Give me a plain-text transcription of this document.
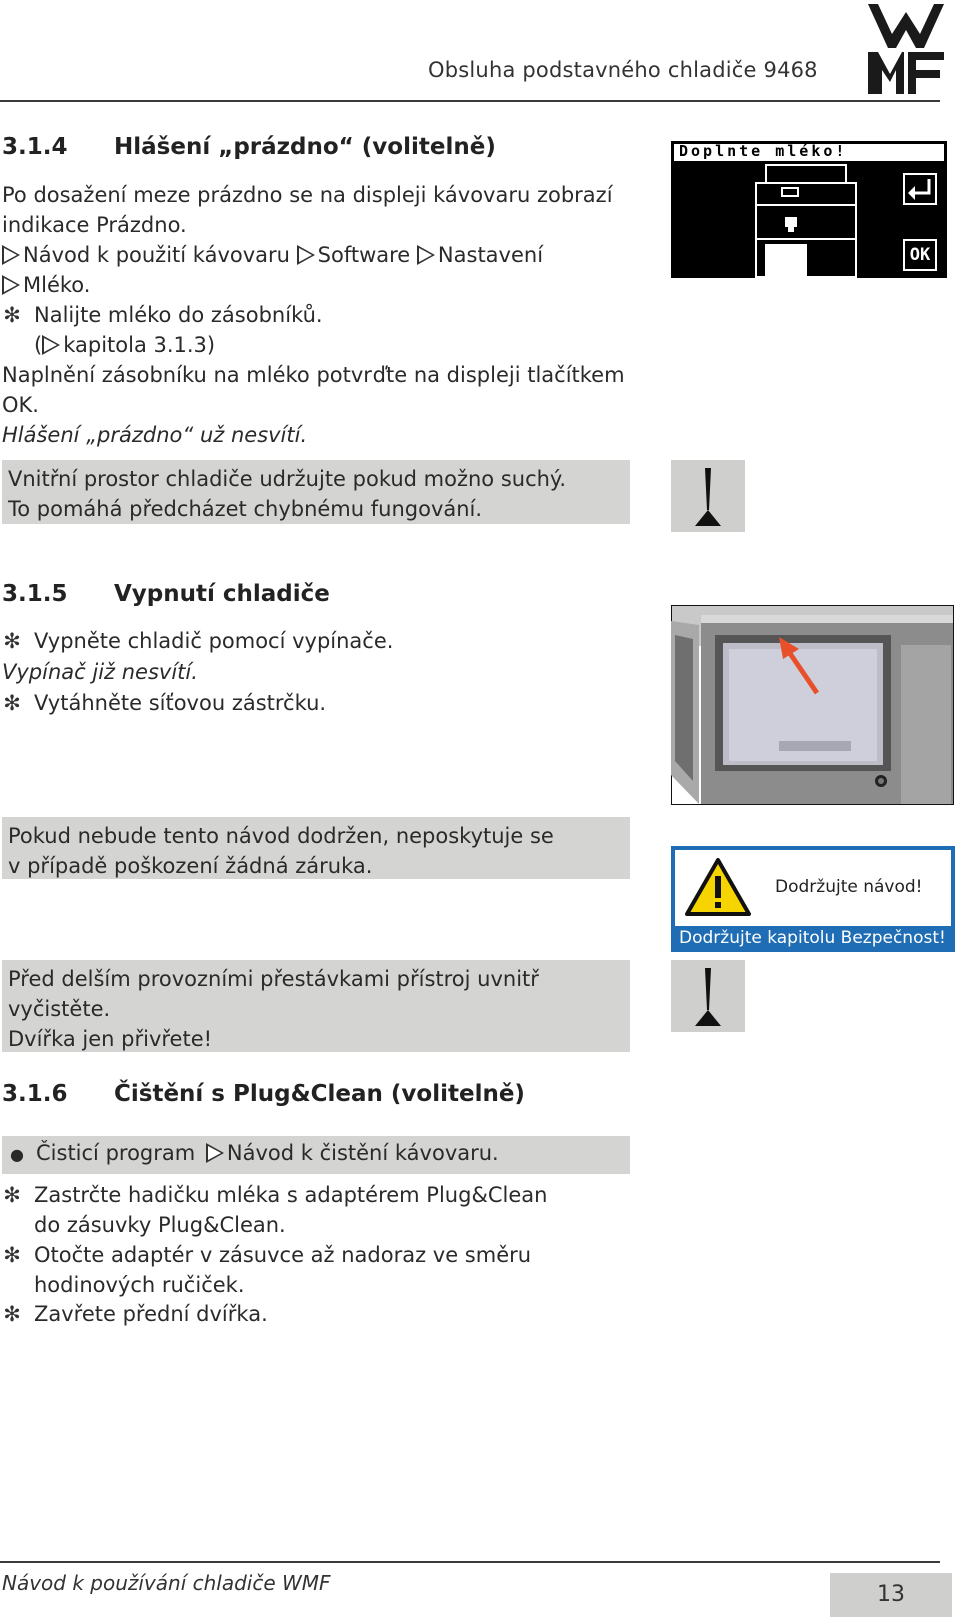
Obsluha podstavného chladiče 9468
3.1.4 Hlášení „prázdno“ (volitelně)
Po dosažení meze prázdno se na displeji kávovaru zobrazí
indikace Prázdno.
Návod k použití kávovaru Software Nastavení
Mléko.
✻ Nalijte mléko do zásobníků.
( kapitola 3.1.3)
Naplnění zásobníku na mléko potvrďte na displeji tlačítkem
OK.
Hlášení „prázdno“ už nesvítí.
Vnitřní prostor chladiče udržujte pokud možno suchý.
To pomáhá předcházet chybnému fungování.
Doplnte mléko!
OK
3.1.5 Vypnutí chladiče
✻ Vypněte chladič pomocí vypínače.
Vypínač již nesvítí.
✻ Vytáhněte síťovou zástrčku.
Pokud nebude tento návod dodržen, neposkytuje se
v případě poškození žádná záruka.
Dodržujte návod!
Dodržujte kapitolu Bezpečnost!
Před delším provozními přestávkami přístroj uvnitř
vyčistěte.
Dvířka jen přivřete!
3.1.6 Čištění s Plug&Clean (volitelně)
● Čisticí program Návod k čistění kávovaru.
✻ Zastrčte hadičku mléka s adaptérem Plug&Clean
do zásuvky Plug&Clean.
✻ Otočte adaptér v zásuvce až nadoraz ve směru
hodinových ručiček.
✻ Zavřete přední dvířka.
Návod k používání chladiče WMF	13
